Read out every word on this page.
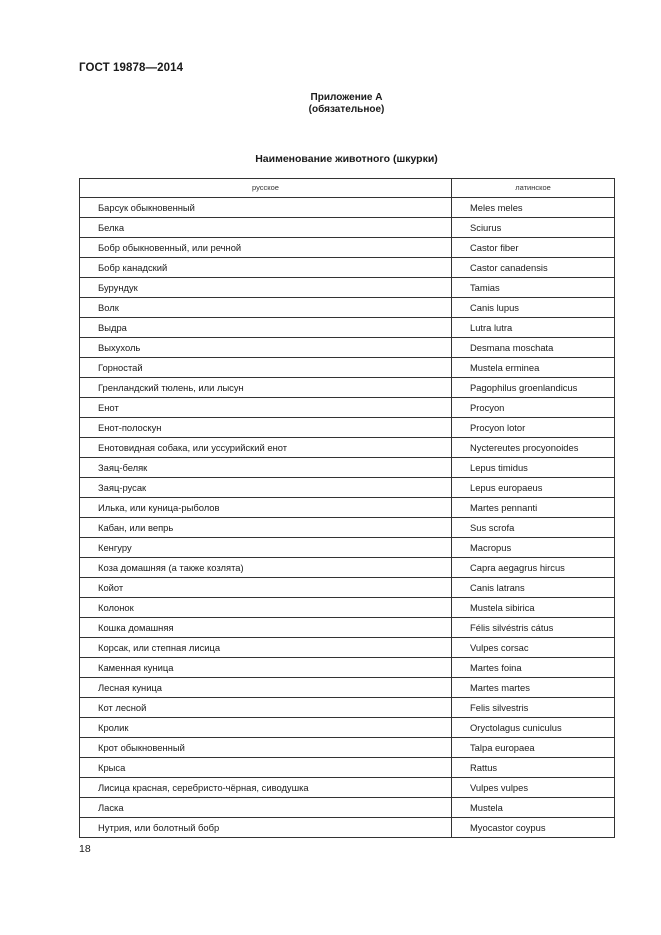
ГОСТ 19878—2014
Приложение А
(обязательное)
Наименование животного (шкурки)
русское	латинское
Барсук обыкновенный	Meles meles
Белка	Sciurus
Бобр обыкновенный, или речной	Castor fiber
Бобр канадский	Castor canadensis
Бурундук	Tamias
Волк	Canis lupus
Выдра	Lutra lutra
Выхухоль	Desmana moschata
Горностай	Mustela erminea
Гренландский тюлень, или лысун	Pagophilus groenlandicus
Енот	Procyon
Енот-полоскун	Procyon lotor
Енотовидная собака, или уссурийский енот	Nyctereutes procyonoides
Заяц-беляк	Lepus timidus
Заяц-русак	Lepus europaeus
Илька, или куница-рыболов	Martes pennanti
Кабан, или вепрь	Sus scrofa
Кенгуру	Macropus
Коза домашняя (а также козлята)	Capra aegagrus hircus
Койот	Canis latrans
Колонок	Mustela sibirica
Кошка домашняя	Félis silvéstris cátus
Корсак, или степная лисица	Vulpes corsac
Каменная куница	Martes foina
Лесная куница	Martes martes
Кот лесной	Felis silvestris
Кролик	Oryctolagus cuniculus
Крот обыкновенный	Talpa europaea
Крыса	Rattus
Лисица красная, серебристо-чёрная, сиводушка	Vulpes vulpes
Ласка	Mustela
Нутрия, или болотный бобр	Myocastor coypus
18
